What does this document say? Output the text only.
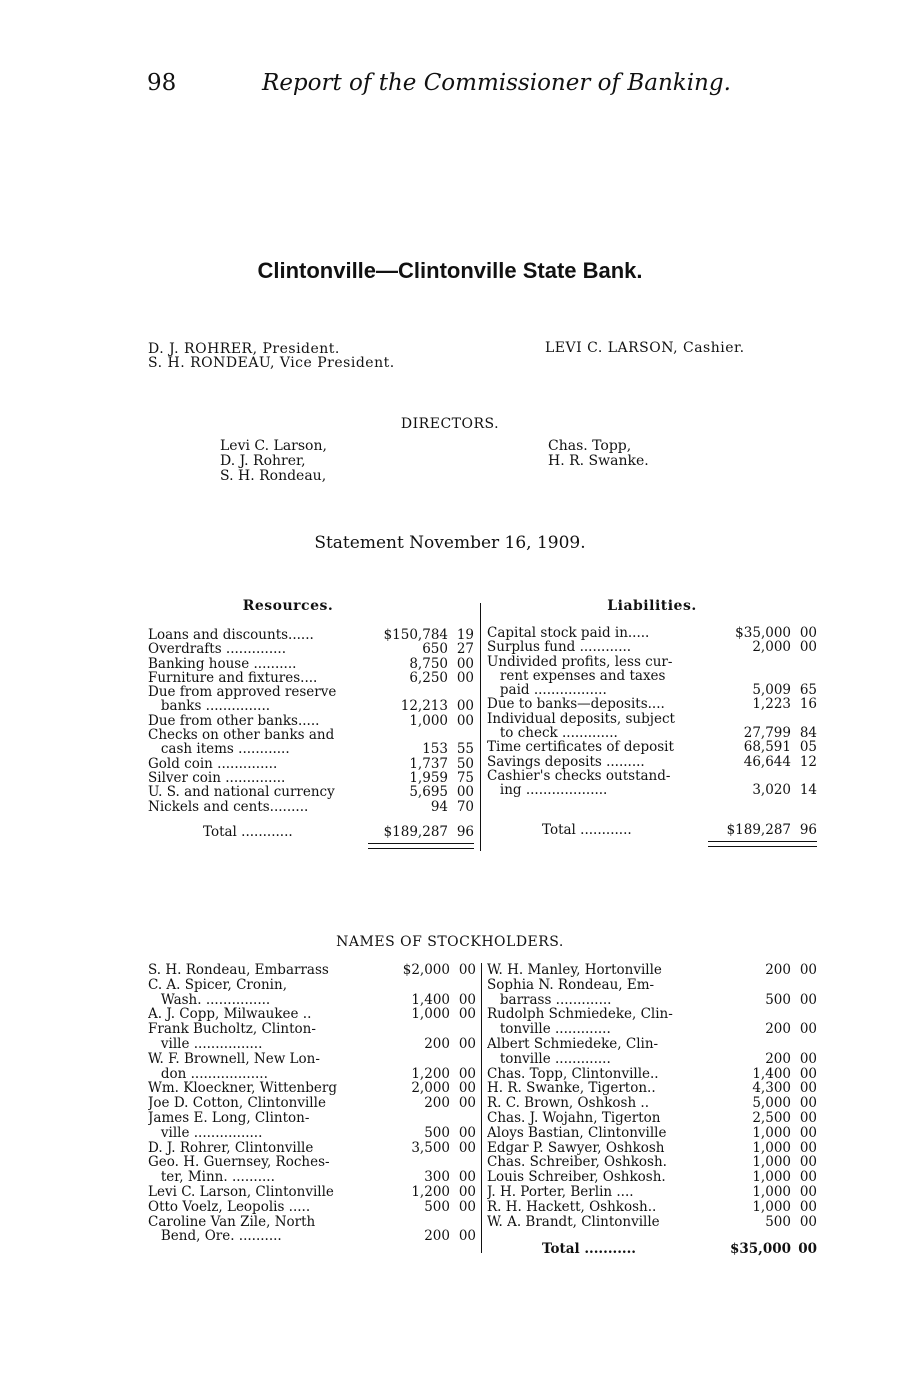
98	Report of the Commissioner of Banking.
Clintonville—Clintonville State Bank.
D. J. ROHRER, President.
S. H. RONDEAU, Vice President.
LEVI C. LARSON, Cashier.
DIRECTORS.
Levi C. Larson,
D. J. Rohrer,
S. H. Rondeau,
Chas. Topp,
H. R. Swanke.
Statement November 16, 1909.
Resources.	Liabilities.
Loans and discounts......	$150,784 19
Overdrafts ..............	650 27
Banking house ..........	8,750 00
Furniture and fixtures....	6,250 00
Due from approved reserve
banks ...............	12,213 00
Due from other banks.....	1,000 00
Checks on other banks and
cash items ............	153 55
Gold coin ..............	1,737 50
Silver coin ..............	1,959 75
U. S. and national currency	5,695 00
Nickels and cents.........	94 70
Total ............	$189,287 96
Capital stock paid in.....	$35,000 00
Surplus fund ............	2,000 00
Undivided profits, less cur-
rent expenses and taxes
paid .................	5,009 65
Due to banks—deposits....	1,223 16
Individual deposits, subject
to check .............	27,799 84
Time certificates of deposit	68,591 05
Savings deposits .........	46,644 12
Cashier's checks outstand-
ing ...................	3,020 14
Total ............	$189,287 96
NAMES OF STOCKHOLDERS.
S. H. Rondeau, Embarrass	$2,000 00
C. A. Spicer, Cronin,
Wash. ...............	1,400 00
A. J. Copp, Milwaukee ..	1,000 00
Frank Bucholtz, Clinton-
ville ................	200 00
W. F. Brownell, New Lon-
don ..................	1,200 00
Wm. Kloeckner, Wittenberg	2,000 00
Joe D. Cotton, Clintonville	200 00
James E. Long, Clinton-
ville ................	500 00
D. J. Rohrer, Clintonville	3,500 00
Geo. H. Guernsey, Roches-
ter, Minn. ..........	300 00
Levi C. Larson, Clintonville	1,200 00
Otto Voelz, Leopolis .....	500 00
Caroline Van Zile, North
Bend, Ore. ..........	200 00
W. H. Manley, Hortonville	200 00
Sophia N. Rondeau, Em-
barrass .............	500 00
Rudolph Schmiedeke, Clin-
tonville .............	200 00
Albert Schmiedeke, Clin-
tonville .............	200 00
Chas. Topp, Clintonville..	1,400 00
H. R. Swanke, Tigerton..	4,300 00
R. C. Brown, Oshkosh ..	5,000 00
Chas. J. Wojahn, Tigerton	2,500 00
Aloys Bastian, Clintonville	1,000 00
Edgar P. Sawyer, Oshkosh	1,000 00
Chas. Schreiber, Oshkosh.	1,000 00
Louis Schreiber, Oshkosh.	1,000 00
J. H. Porter, Berlin ....	1,000 00
R. H. Hackett, Oshkosh..	1,000 00
W. A. Brandt, Clintonville	500 00
Total ...........	$35,000 00
